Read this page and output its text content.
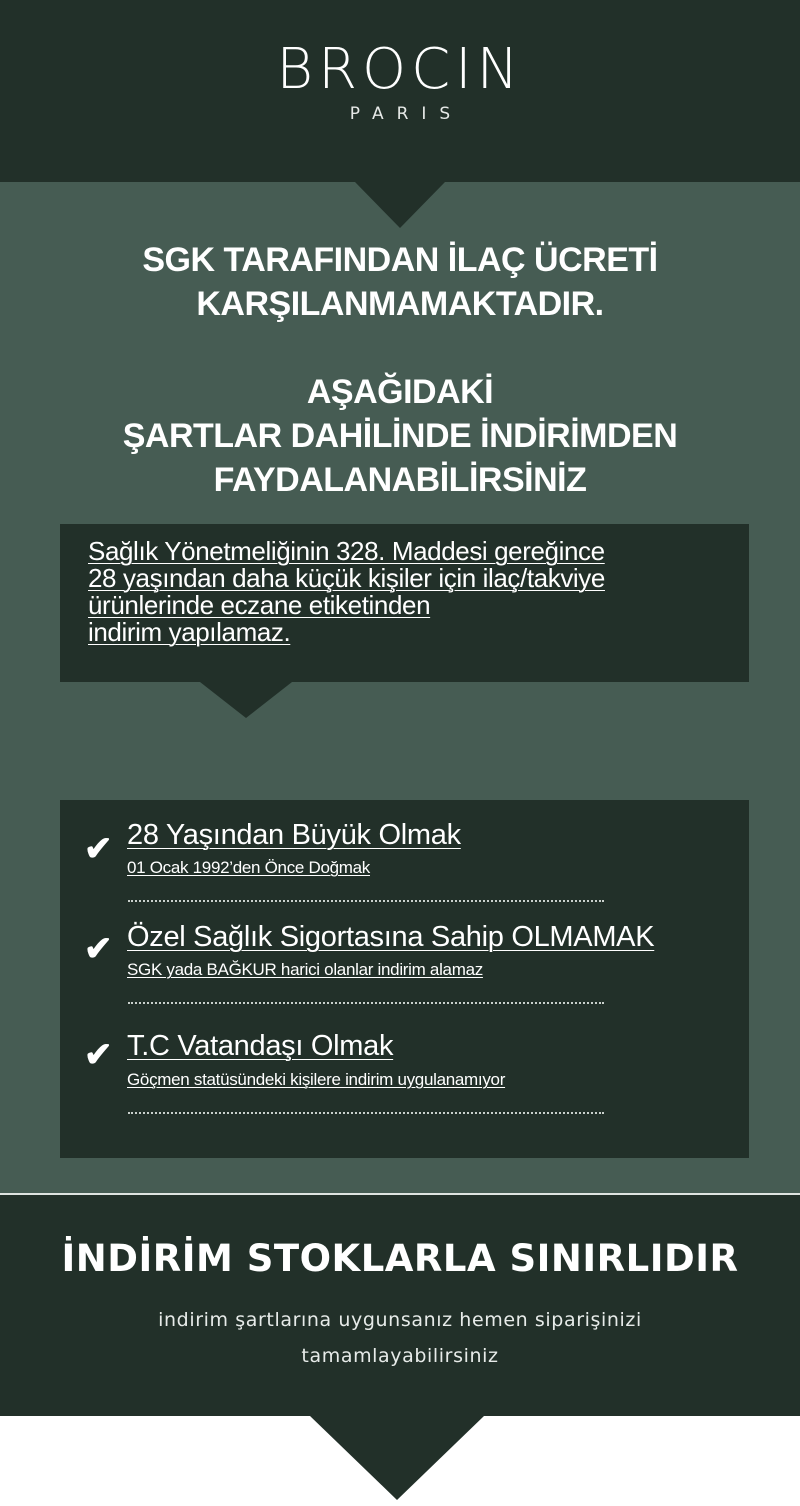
BROCIN
PARIS
SGK TARAFINDAN İLAÇ ÜCRETİ
KARŞILANMAMAKTADIR.
AŞAĞIDAKİ
ŞARTLAR DAHİLİNDE İNDİRİMDEN
FAYDALANABİLİRSİNİZ
Sağlık Yönetmeliğinin 328. Maddesi gereğince
28 yaşından daha küçük kişiler için ilaç/takviye
ürünlerinde eczane etiketinden
indirim yapılamaz.
✔ 28 Yaşından Büyük Olmak
01 Ocak 1992’den Önce Doğmak
✔ Özel Sağlık Sigortasına Sahip OLMAMAK
SGK yada BAĞKUR harici olanlar indirim alamaz
✔ T.C Vatandaşı Olmak
Göçmen statüsündeki kişilere indirim uygulanamıyor
İNDİRİM STOKLARLA SINIRLIDIR
indirim şartlarına uygunsanız hemen siparişinizi
tamamlayabilirsiniz
